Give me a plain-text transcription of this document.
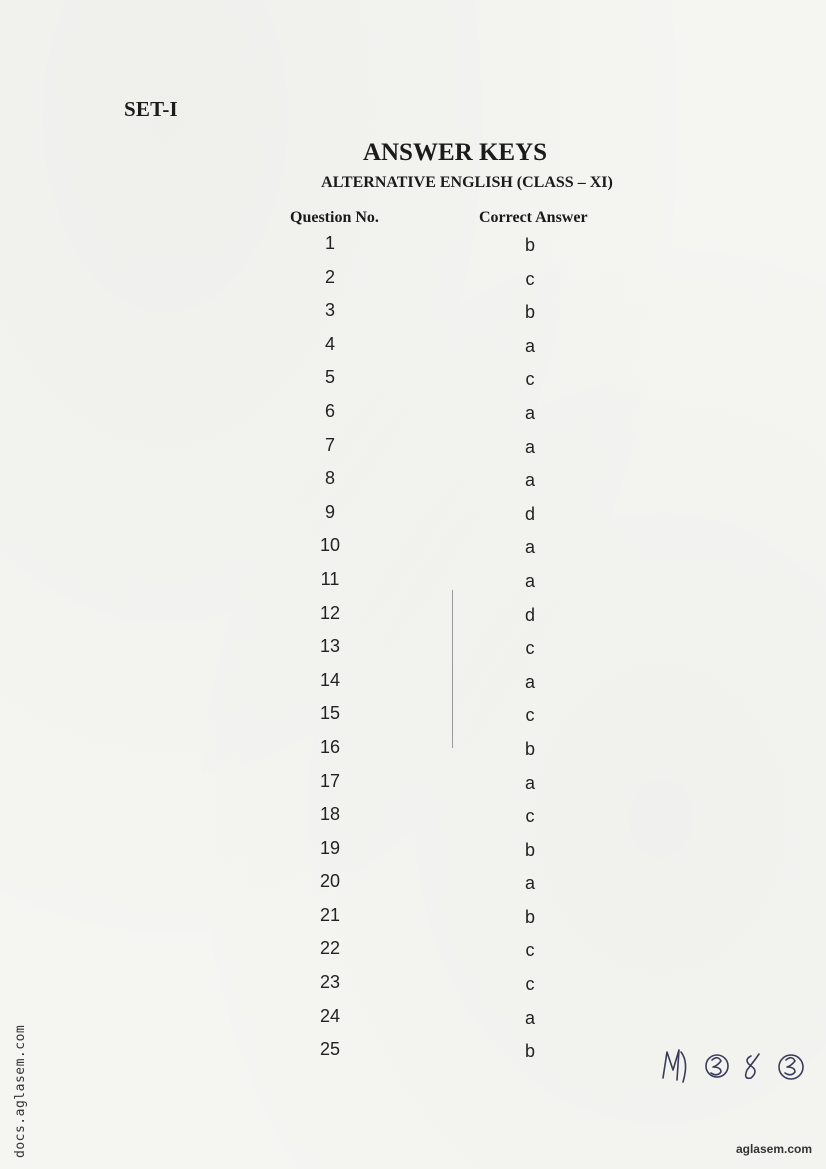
SET-I
ANSWER KEYS
ALTERNATIVE ENGLISH (CLASS – XI)
Question No.	Correct Answer
1	b
2	c
3	b
4	a
5	c
6	a
7	a
8	a
9	d
10	a
11	a
12	d
13	c
14	a
15	c
16	b
17	a
18	c
19	b
20	a
21	b
22	c
23	c
24	a
25	b
docs.aglasem.com	aglasem.com
